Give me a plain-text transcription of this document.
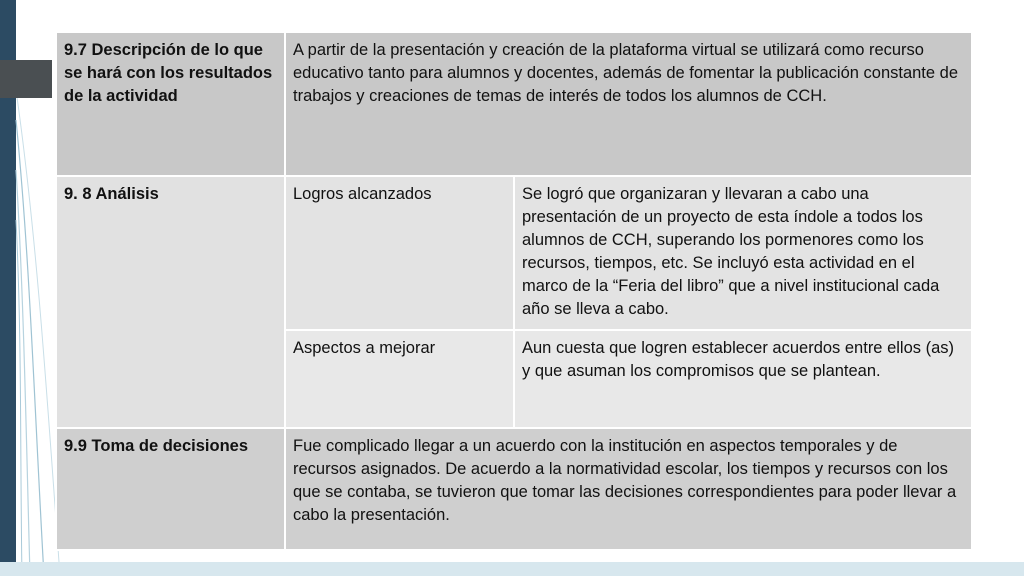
9.7 Descripción de lo que se hará con los resultados de la actividad	A partir de la presentación y creación de la plataforma virtual se utilizará como recurso educativo tanto para alumnos y docentes, además de fomentar la publicación constante de trabajos y creaciones de temas de interés de todos los alumnos de CCH.	
9. 8 Análisis	Logros alcanzados	Se logró que organizaran y llevaran a cabo una presentación de un proyecto de esta índole a todos los alumnos de CCH, superando los pormenores como los recursos, tiempos, etc. Se incluyó esta actividad en el marco de la “Feria del libro” que a nivel institucional cada año se lleva a cabo.
	Aspectos a mejorar	Aun cuesta que logren establecer acuerdos entre ellos (as) y que asuman los compromisos que se plantean.
9.9 Toma de decisiones	Fue complicado llegar a un acuerdo con la institución en aspectos temporales y de recursos asignados. De acuerdo a la normatividad escolar, los tiempos y recursos con los que se contaba, se tuvieron que tomar las decisiones correspondientes para poder llevar a cabo la presentación.	
